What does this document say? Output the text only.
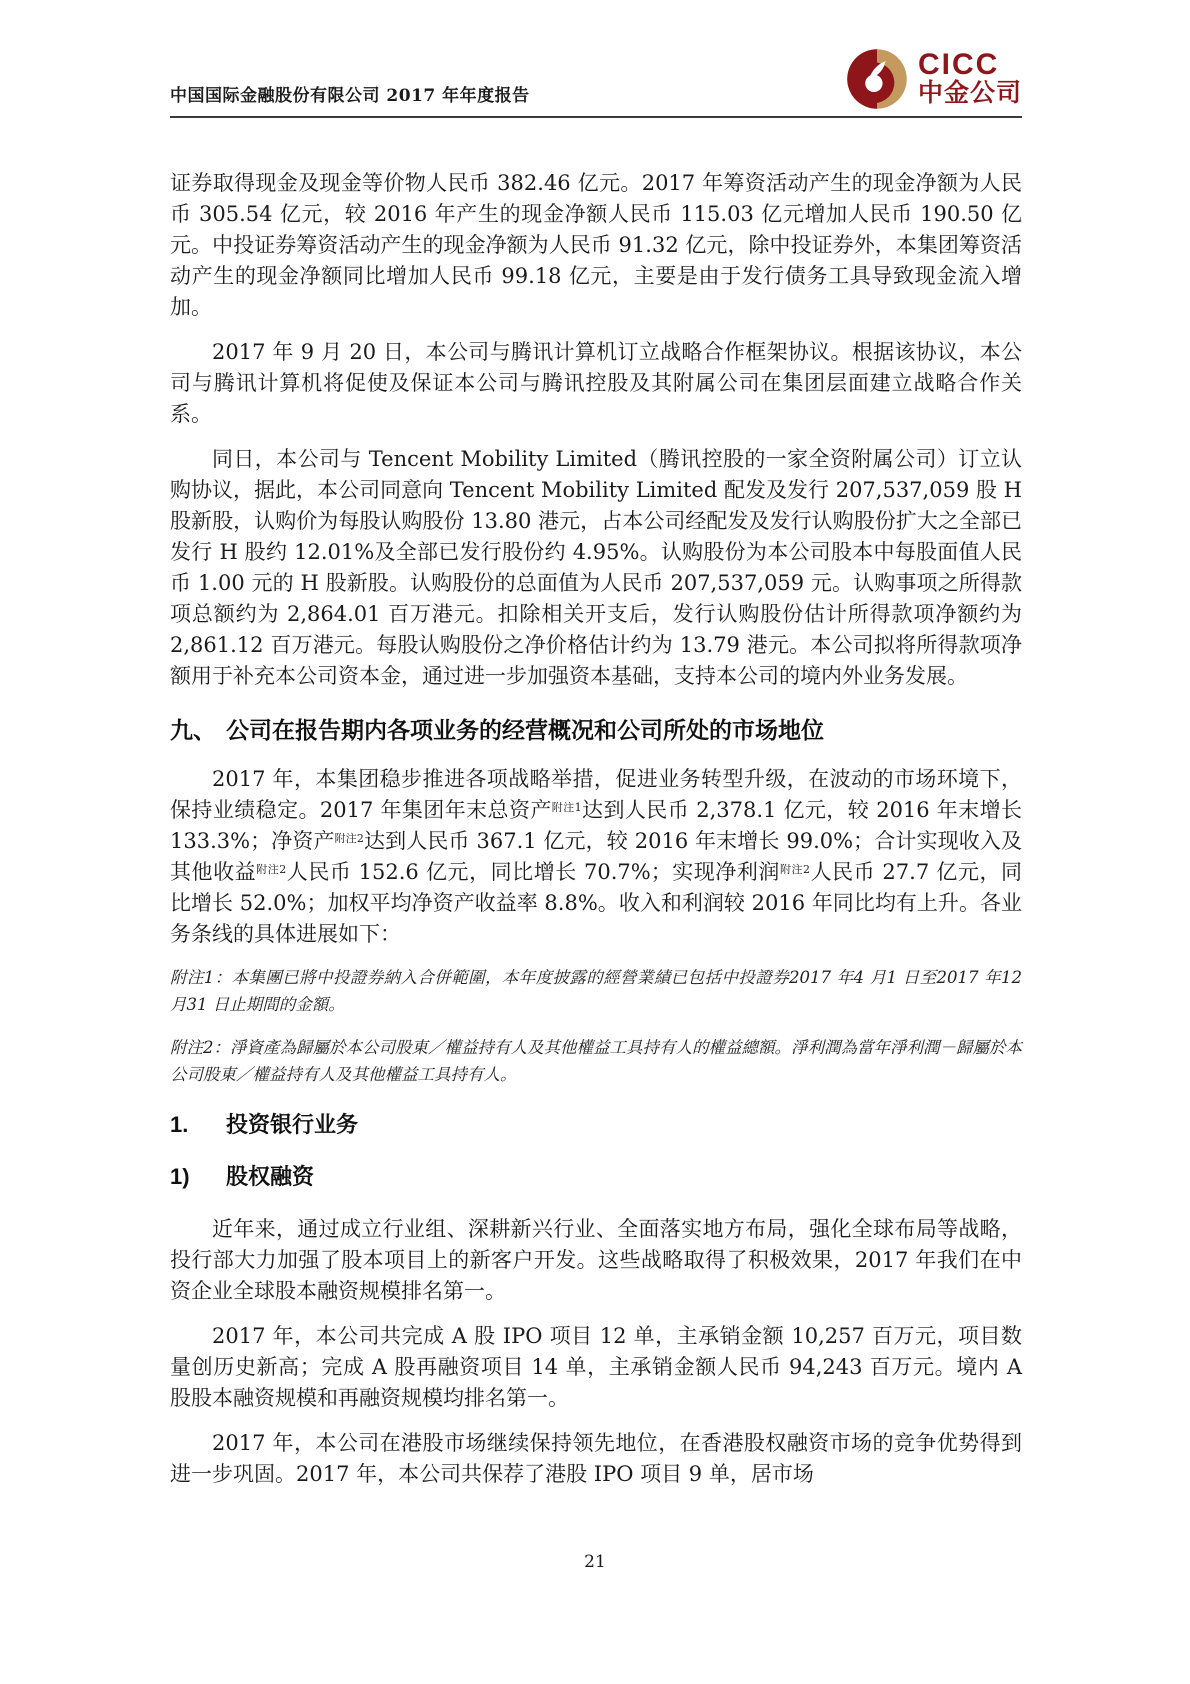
中国国际金融股份有限公司 2017 年年度报告
CICC
中金公司

证券取得现金及现金等价物人民币 382.46 亿元。2017 年筹资活动产生的现金净额为人民币 305.54 亿元，较 2016 年产生的现金净额人民币 115.03 亿元增加人民币 190.50 亿元。中投证券筹资活动产生的现金净额为人民币 91.32 亿元，除中投证券外，本集团筹资活动产生的现金净额同比增加人民币 99.18 亿元，主要是由于发行债务工具导致现金流入增加。

2017 年 9 月 20 日，本公司与腾讯计算机订立战略合作框架协议。根据该协议，本公司与腾讯计算机将促使及保证本公司与腾讯控股及其附属公司在集团层面建立战略合作关系。

同日，本公司与 Tencent Mobility Limited（腾讯控股的一家全资附属公司）订立认购协议，据此，本公司同意向 Tencent Mobility Limited 配发及发行 207,537,059 股 H 股新股，认购价为每股认购股份 13.80 港元，占本公司经配发及发行认购股份扩大之全部已发行 H 股约 12.01%及全部已发行股份约 4.95%。认购股份为本公司股本中每股面值人民币 1.00 元的 H 股新股。认购股份的总面值为人民币 207,537,059 元。认购事项之所得款项总额约为 2,864.01 百万港元。扣除相关开支后，发行认购股份估计所得款项净额约为 2,861.12 百万港元。每股认购股份之净价格估计约为 13.79 港元。本公司拟将所得款项净额用于补充本公司资本金，通过进一步加强资本基础，支持本公司的境内外业务发展。

九、 公司在报告期内各项业务的经营概况和公司所处的市场地位

2017 年，本集团稳步推进各项战略举措，促进业务转型升级，在波动的市场环境下，保持业绩稳定。2017 年集团年末总资产$^{附注1}$达到人民币 2,378.1 亿元，较 2016 年末增长 133.3%；净资产$^{附注2}$达到人民币 367.1 亿元，较 2016 年末增长 99.0%；合计实现收入及其他收益$^{附注2}$人民币 152.6 亿元，同比增长 70.7%；实现净利润$^{附注2}$人民币 27.7 亿元，同比增长 52.0%；加权平均净资产收益率 8.8%。收入和利润较 2016 年同比均有上升。各业务条线的具体进展如下：

附注1：本集團已將中投證券納入合併範圍，本年度披露的經營業績已包括中投證券2017 年4 月1 日至2017 年12 月31 日止期間的金額。

附注2：淨資產為歸屬於本公司股東／權益持有人及其他權益工具持有人的權益總額。淨利潤為當年淨利潤－歸屬於本公司股東／權益持有人及其他權益工具持有人。

1.	投资银行业务
1)	股权融资

近年来，通过成立行业组、深耕新兴行业、全面落实地方布局，强化全球布局等战略，投行部大力加强了股本项目上的新客户开发。这些战略取得了积极效果，2017 年我们在中资企业全球股本融资规模排名第一。

2017 年，本公司共完成 A 股 IPO 项目 12 单，主承销金额 10,257 百万元，项目数量创历史新高；完成 A 股再融资项目 14 单，主承销金额人民币 94,243 百万元。境内 A 股股本融资规模和再融资规模均排名第一。

2017 年，本公司在港股市场继续保持领先地位，在香港股权融资市场的竞争优势得到进一步巩固。2017 年，本公司共保荐了港股 IPO 项目 9 单，居市场

21
